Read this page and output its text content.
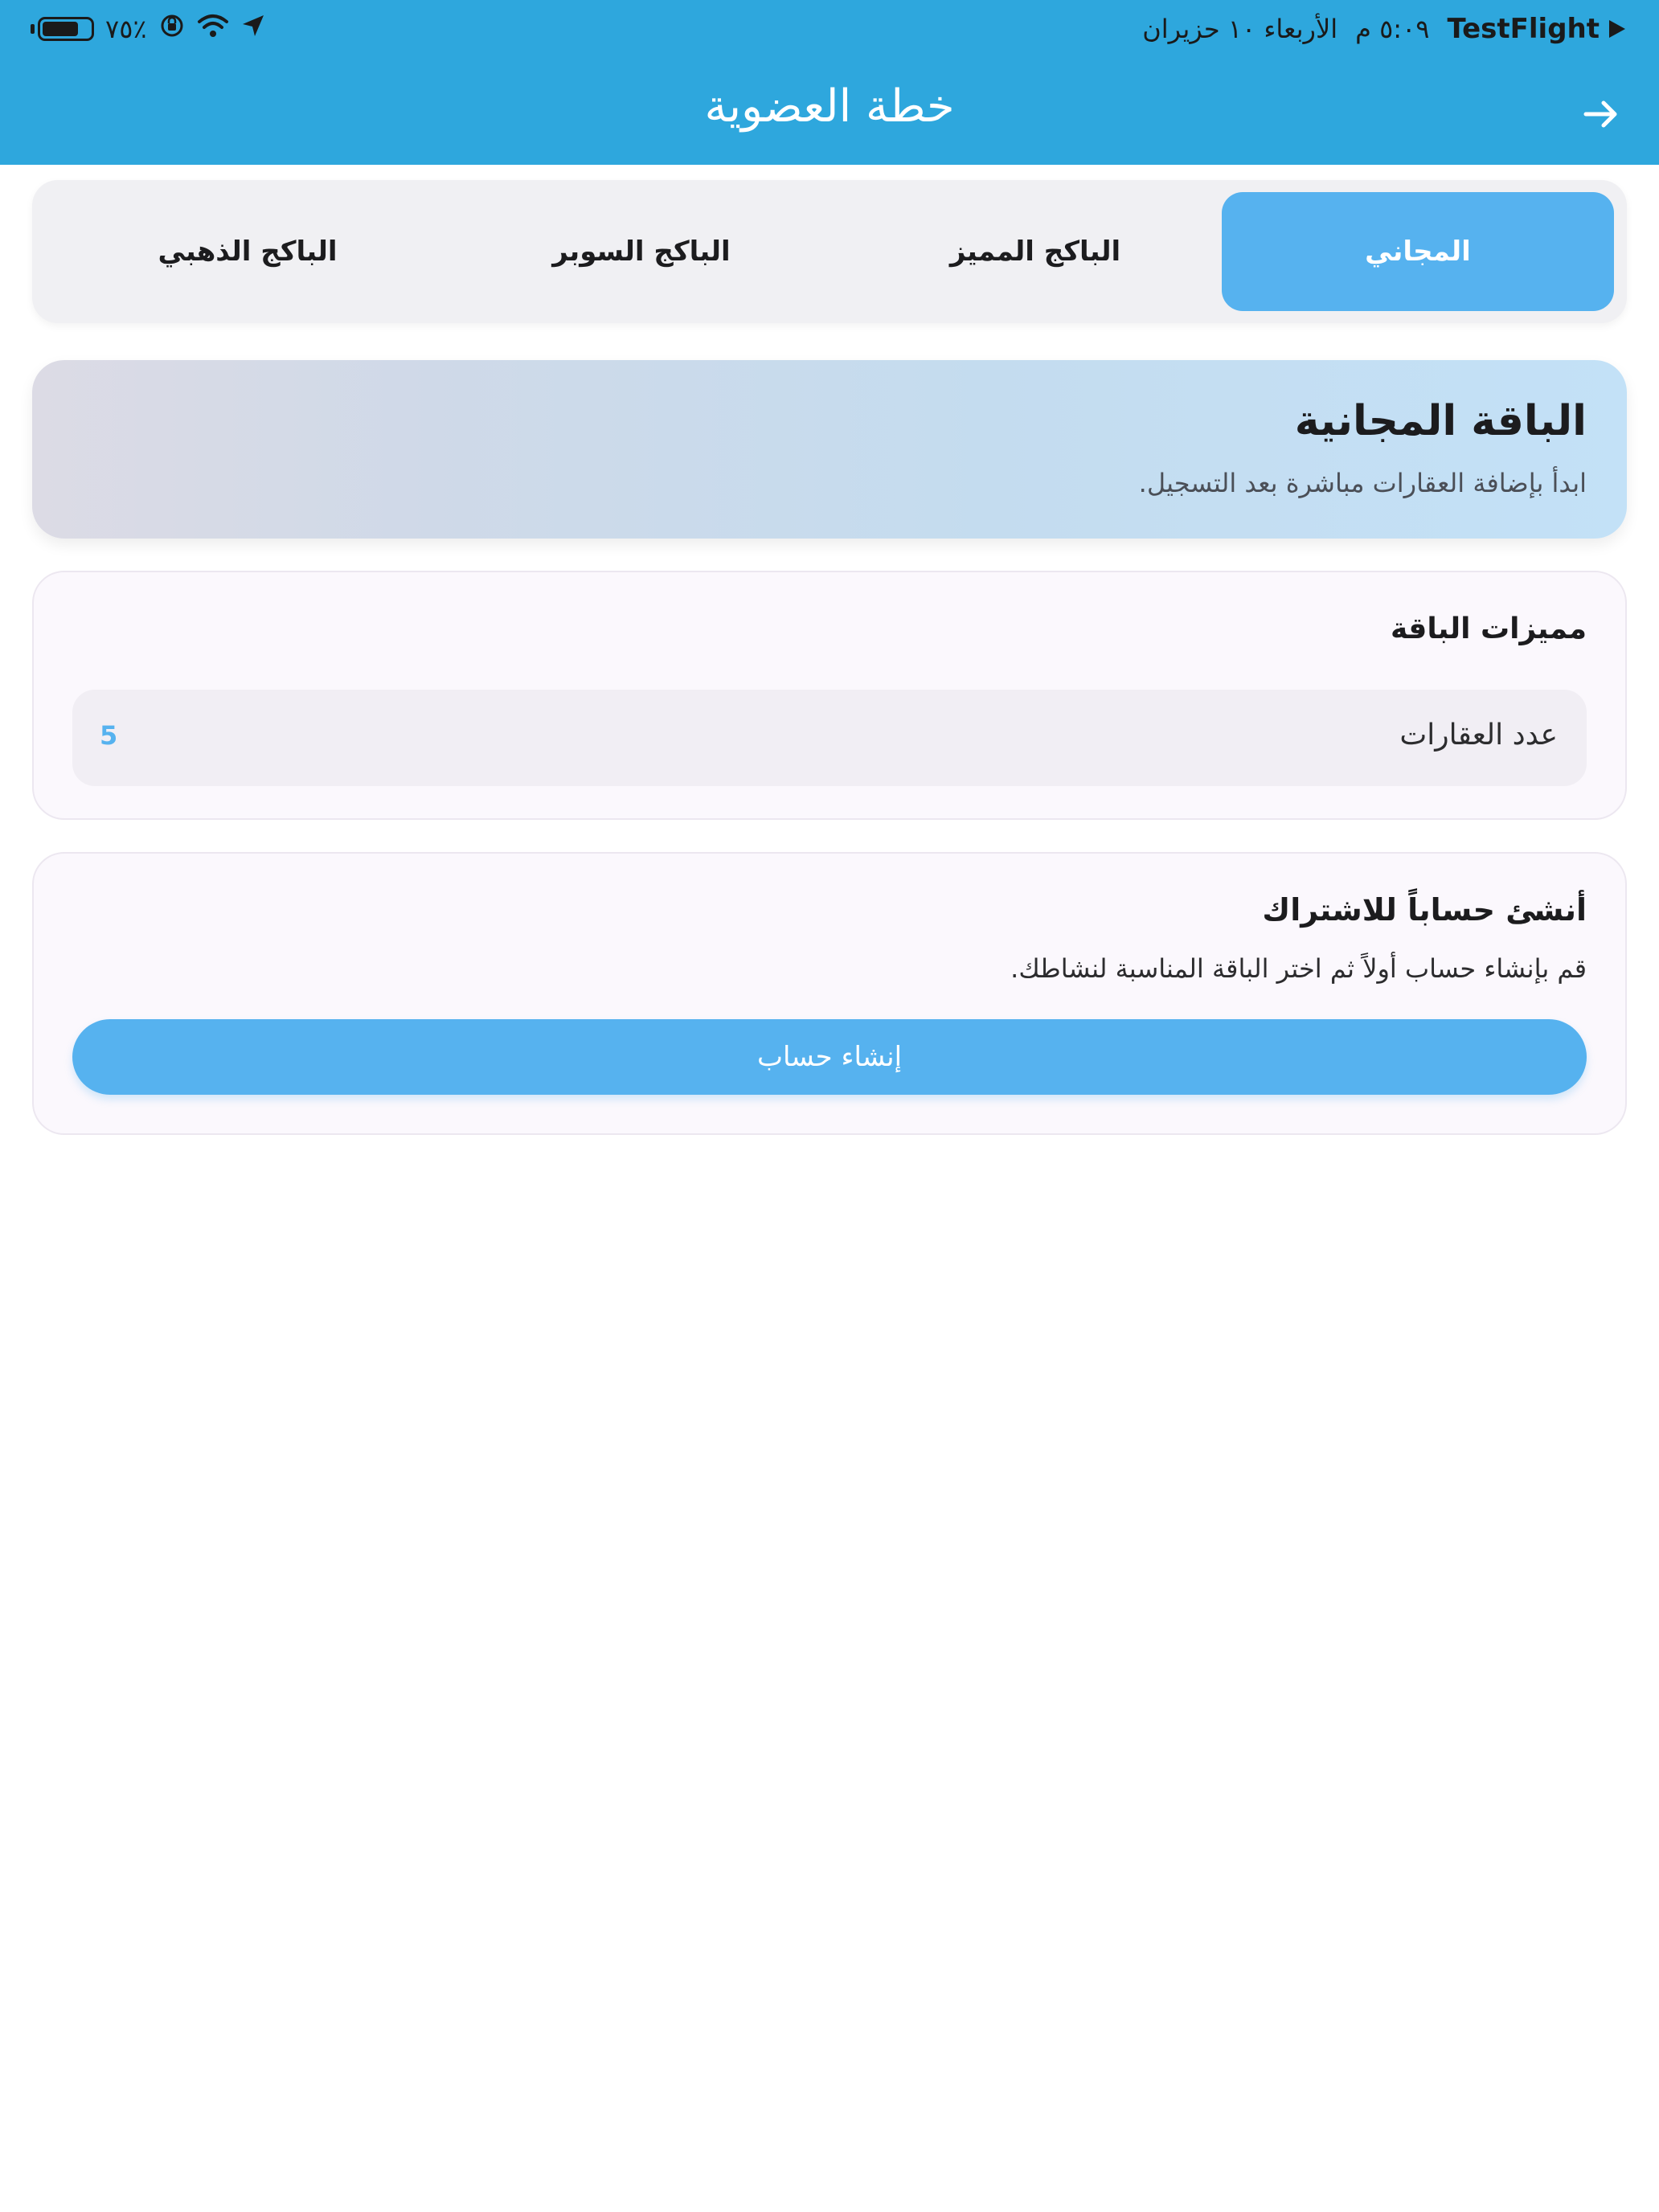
٧٥٪	الأربعاء ١٠ حزيران ٥:٠٩ م TestFlight
خطة العضوية
المجاني
الباكج المميز
الباكج السوبر
الباكج الذهبي
الباقة المجانية
ابدأ بإضافة العقارات مباشرة بعد التسجيل.
مميزات الباقة
عدد العقارات
5
أنشئ حساباً للاشتراك
قم بإنشاء حساب أولاً ثم اختر الباقة المناسبة لنشاطك.
إنشاء حساب
